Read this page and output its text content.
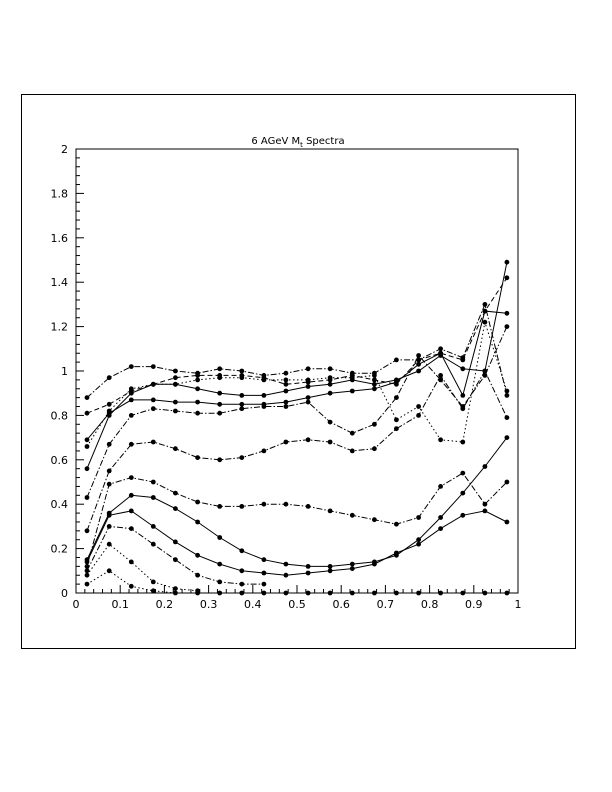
6 AGeV $M_t$ Spectra
0	0.1 0.2 0.3 0.4 0.5 0.6 0.7 0.8 0.9	1
0
0.2
0.4
0.6
0.8
1
1.2
1.4
1.6
1.8
2
